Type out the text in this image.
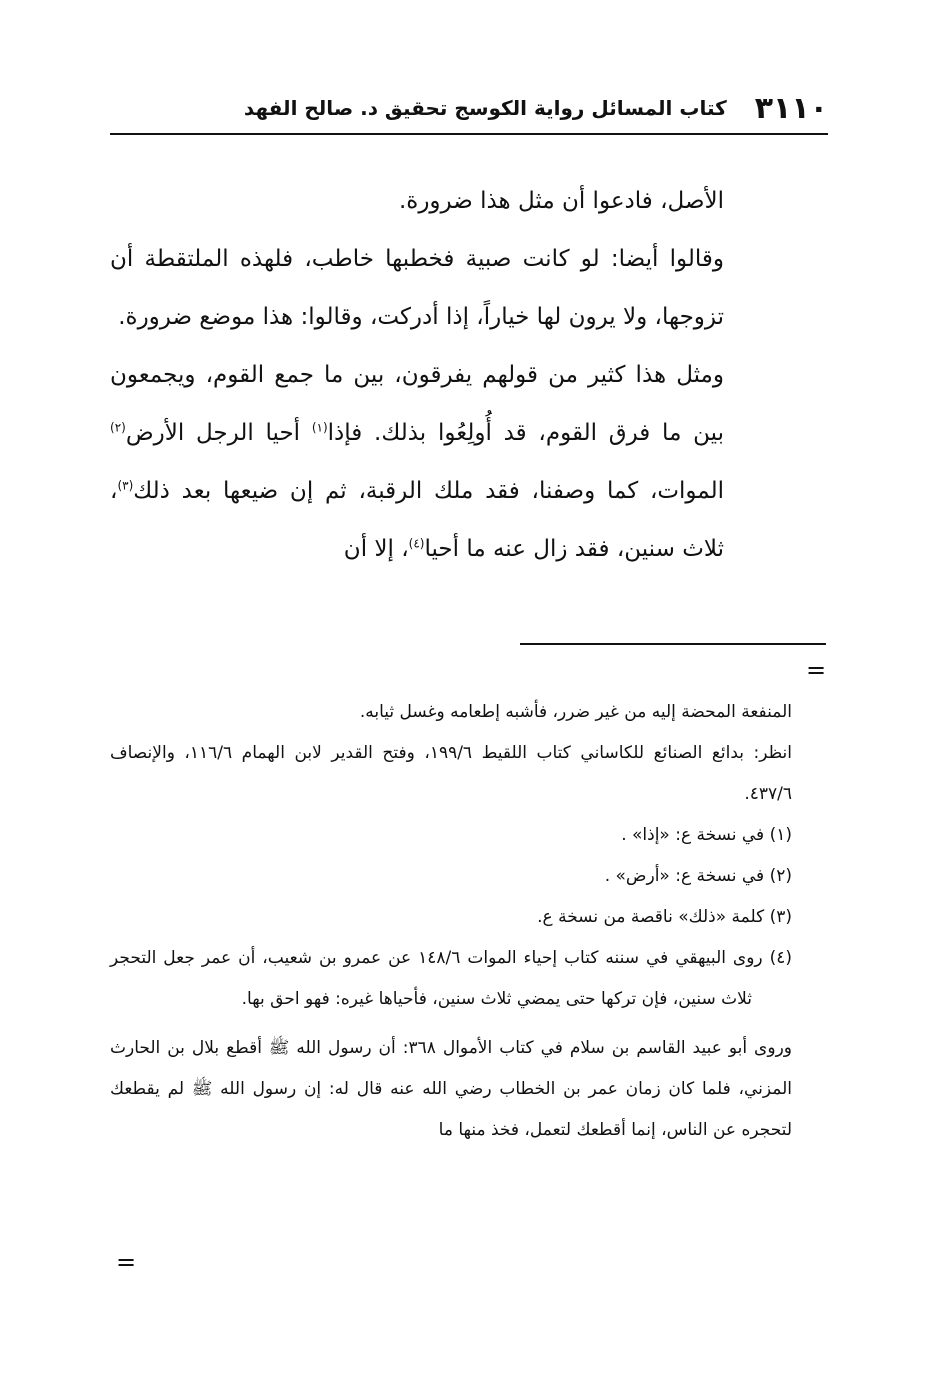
٣١١٠
كتاب المسائل رواية الكوسج تحقيق د. صالح الفهد

الأصل، فادعوا أن مثل هذا ضرورة.

وقالوا أيضا: لو كانت صبية فخطبها خاطب، فلهذه الملتقطة أن تزوجها، ولا يرون لها خياراً، إذا أدركت، وقالوا: هذا موضع ضرورة.

ومثل هذا كثير من قولهم يفرقون، بين ما جمع القوم، ويجمعون بين ما فرق القوم، قد أُولِعُوا بذلك. فإذا$^{(١)}$ أحيا الرجل الأرض$^{(٢)}$ الموات، كما وصفنا، فقد ملك الرقبة، ثم إن ضيعها بعد ذلك$^{(٣)}$، ثلاث سنين، فقد زال عنه ما أحيا$^{(٤)}$، إلا أن

=

المنفعة المحضة إليه من غير ضرر، فأشبه إطعامه وغسل ثيابه.

انظر: بدائع الصنائع للكاساني كتاب اللقيط ١٩٩/٦، وفتح القدير لابن الهمام ١١٦/٦، والإنصاف ٤٣٧/٦.

(١) في نسخة ع: «إذا» .

(٢) في نسخة ع: «أرض» .

(٣) كلمة «ذلك» ناقصة من نسخة ع.

(٤) روى البيهقي في سننه كتاب إحياء الموات ١٤٨/٦ عن عمرو بن شعيب، أن عمر جعل التحجر ثلاث سنين، فإن تركها حتى يمضي ثلاث سنين، فأحياها غيره: فهو احق بها.

وروى أبو عبيد القاسم بن سلام في كتاب الأموال ٣٦٨: أن رسول الله ﷺ أقطع بلال بن الحارث المزني، فلما كان زمان عمر بن الخطاب رضي الله عنه قال له: إن رسول الله ﷺ لم يقطعك لتحجره عن الناس، إنما أقطعك لتعمل، فخذ منها ما

=
